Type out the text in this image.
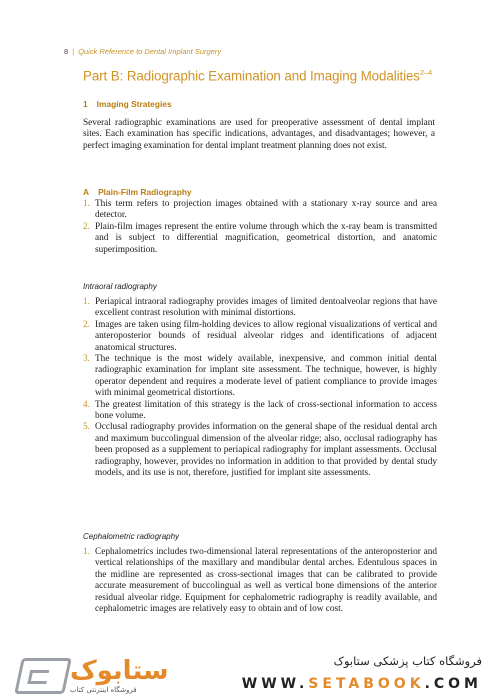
8 | Quick Reference to Dental Implant Surgery
Part B: Radiographic Examination and Imaging Modalities$^{2-4}$
1 Imaging Strategies
Several radiographic examinations are used for preoperative assessment of dental implant sites. Each examination has specific indications, advantages, and disadvantages; however, a perfect imaging examination for dental implant treatment planning does not exist.
A Plain-Film Radiography
1. This term refers to projection images obtained with a stationary x-ray source and area detector.
2. Plain-film images represent the entire volume through which the x-ray beam is transmitted and is subject to differential magnification, geometrical distortion, and anatomic superimposition.
Intraoral radiography
1. Periapical intraoral radiography provides images of limited dentoalveolar regions that have excellent contrast resolution with minimal distortions.
2. Images are taken using film-holding devices to allow regional visualizations of vertical and anteroposterior bounds of residual alveolar ridges and identifications of adjacent anatomical structures.
3. The technique is the most widely available, inexpensive, and common initial dental radiographic examination for implant site assessment. The technique, however, is highly operator dependent and requires a moderate level of patient compliance to provide images with minimal geometrical distortions.
4. The greatest limitation of this strategy is the lack of cross-sectional information to access bone volume.
5. Occlusal radiography provides information on the general shape of the residual dental arch and maximum buccolingual dimension of the alveolar ridge; also, occlusal radiography has been proposed as a supplement to periapical radiography for implant assessments. Occlusal radiography, however, provides no information in addition to that provided by dental study models, and its use is not, therefore, justified for implant site assessments.
Cephalometric radiography
1. Cephalometrics includes two-dimensional lateral representations of the anteroposterior and vertical relationships of the maxillary and mandibular dental arches. Edentulous spaces in the midline are represented as cross-sectional images that can be calibrated to provide accurate measurement of buccolingual as well as vertical bone dimensions of the anterior residual alveolar ridge. Equipment for cephalometric radiography is readily available, and cephalometric images are relatively easy to obtain and of low cost.
ستابوک
فروشگاه اینترنتی کتاب
فروشگاه کتاب پزشکی ستابوک
WWW.SETABOOK.COM
